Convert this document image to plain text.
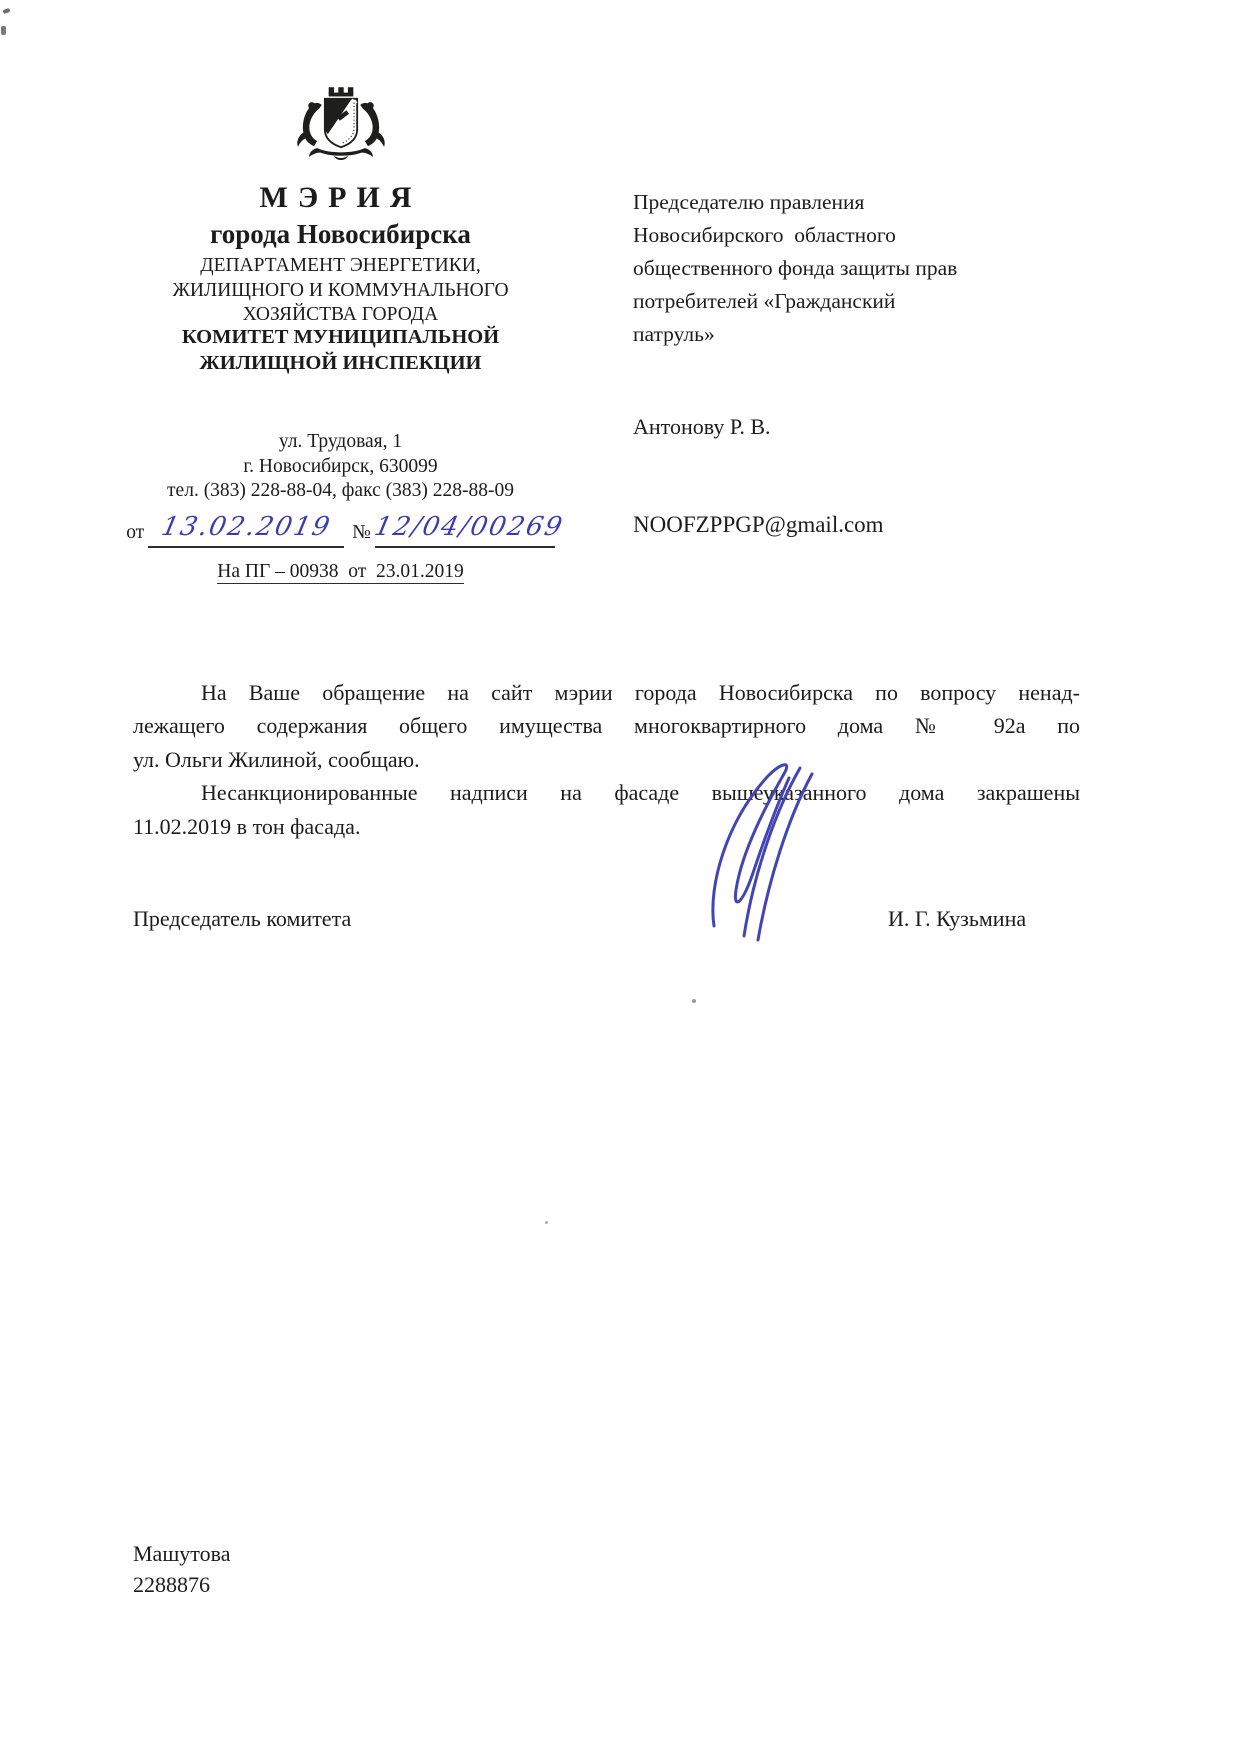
МЭРИЯ
города Новосибирска
ДЕПАРТАМЕНТ ЭНЕРГЕТИКИ,
ЖИЛИЩНОГО И КОММУНАЛЬНОГО
ХОЗЯЙСТВА ГОРОДА
КОМИТЕТ МУНИЦИПАЛЬНОЙ
ЖИЛИЩНОЙ ИНСПЕКЦИИ
ул. Трудовая, 1
г. Новосибирск, 630099
тел. (383) 228-88-04, факс (383) 228-88-09
от 13.02.2019 №12/04/00269
На ПГ – 00938  от  23.01.2019
Председателю правления
Новосибирского  областного
общественного фонда защиты прав
потребителей «Гражданский
патруль»
Антонову Р. В.
NOOFZPPGP@gmail.com
На Ваше обращение на сайт мэрии города Новосибирска по вопросу ненад-
лежащего содержания общего имущества многоквартирного дома № 92а по
ул. Ольги Жилиной, сообщаю.
Несанкционированные надписи на фасаде вышеуказанного дома закрашены
11.02.2019 в тон фасада.
Председатель комитета	И. Г. Кузьмина
Машутова
2288876
